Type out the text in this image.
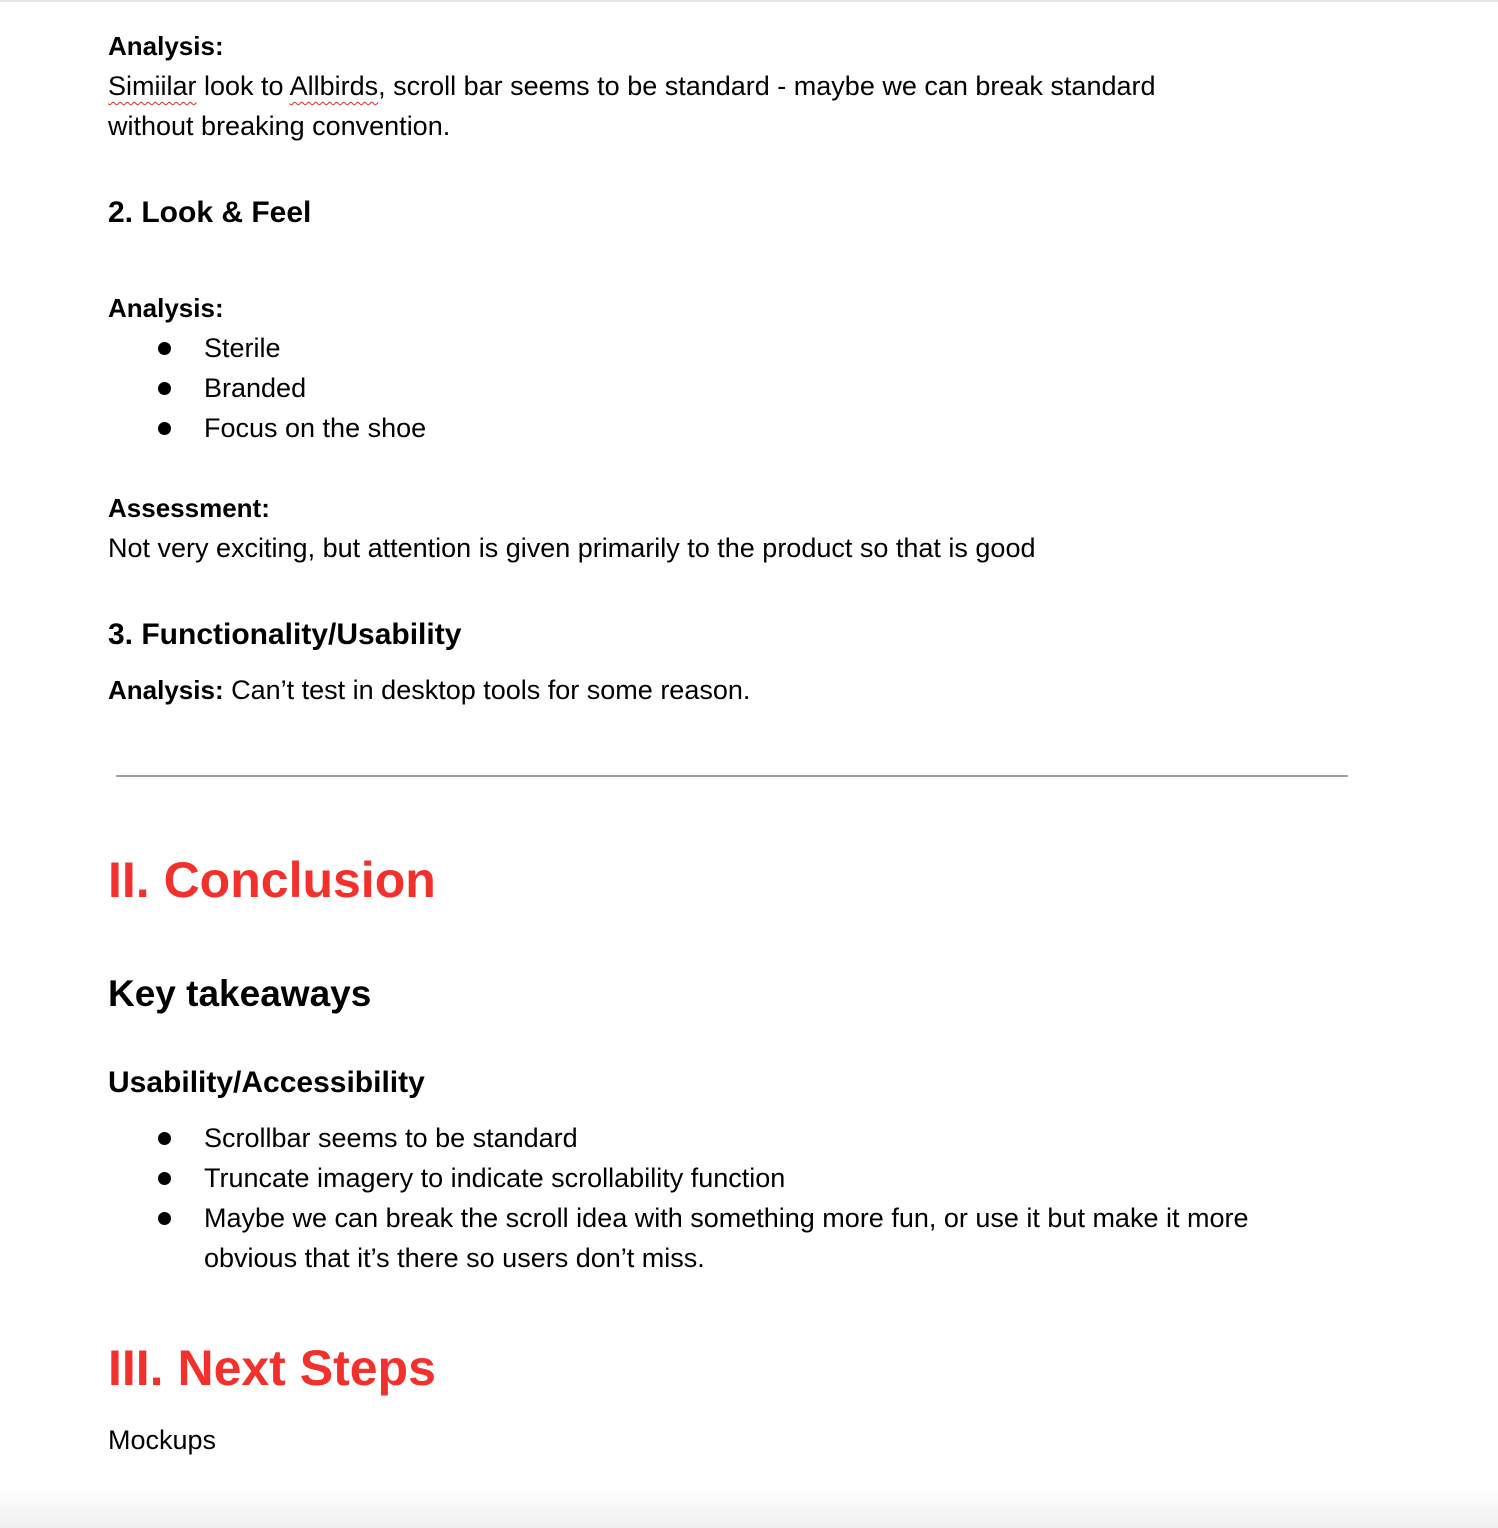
Analysis:
Simiilar look to Allbirds, scroll bar seems to be standard - maybe we can break standard
without breaking convention.
2. Look & Feel
Analysis:
Sterile
Branded
Focus on the shoe
Assessment:
Not very exciting, but attention is given primarily to the product so that is good
3. Functionality/Usability
Analysis: Can’t test in desktop tools for some reason.
II. Conclusion
Key takeaways
Usability/Accessibility
Scrollbar seems to be standard
Truncate imagery to indicate scrollability function
Maybe we can break the scroll idea with something more fun, or use it but make it more
obvious that it’s there so users don’t miss.
III. Next Steps
Mockups
